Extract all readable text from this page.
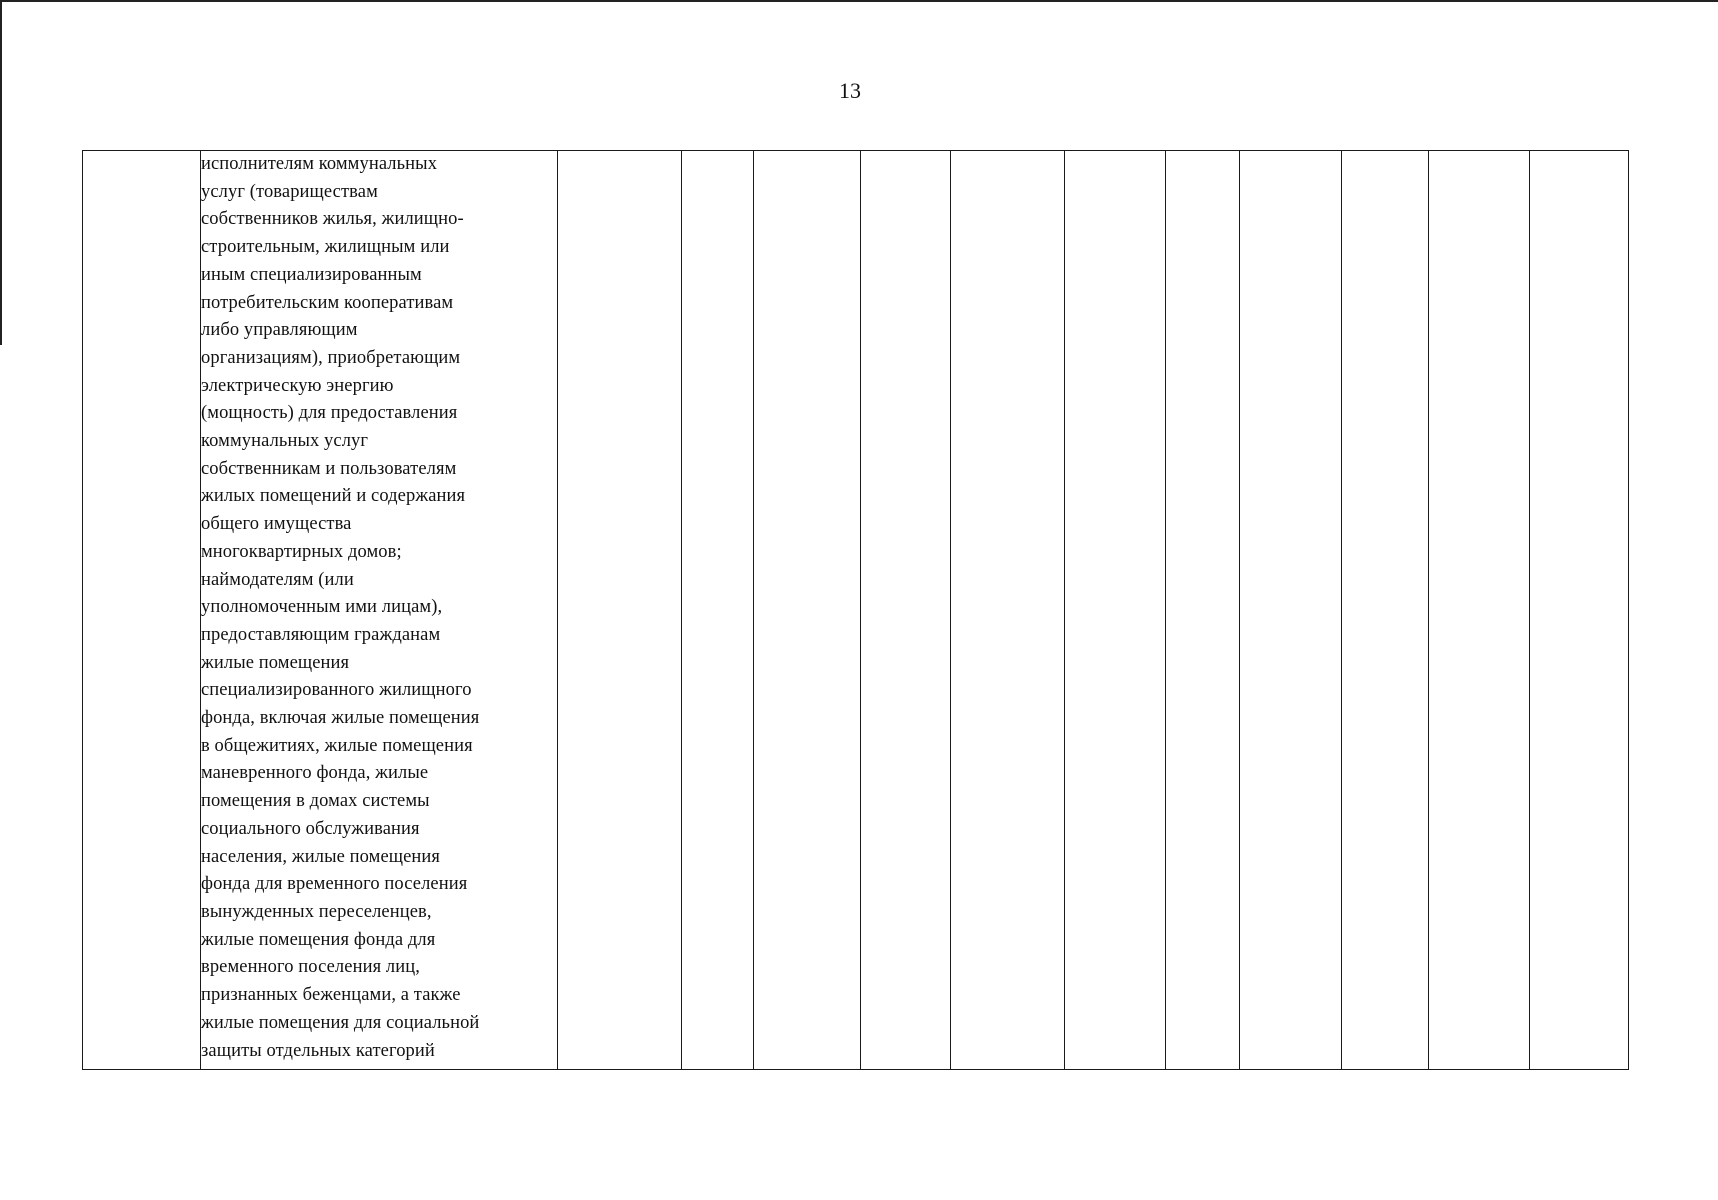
13

исполнителям коммунальных
услуг (товариществам
собственников жилья, жилищно-
строительным, жилищным или
иным специализированным
потребительским кооперативам
либо управляющим
организациям), приобретающим
электрическую энергию
(мощность) для предоставления
коммунальных услуг
собственникам и пользователям
жилых помещений и содержания
общего имущества
многоквартирных домов;
наймодателям (или
уполномоченным ими лицам),
предоставляющим гражданам
жилые помещения
специализированного жилищного
фонда, включая жилые помещения
в общежитиях, жилые помещения
маневренного фонда, жилые
помещения в домах системы
социального обслуживания
населения, жилые помещения
фонда для временного поселения
вынужденных переселенцев,
жилые помещения фонда для
временного поселения лиц,
признанных беженцами, а также
жилые помещения для социальной
защиты отдельных категорий
